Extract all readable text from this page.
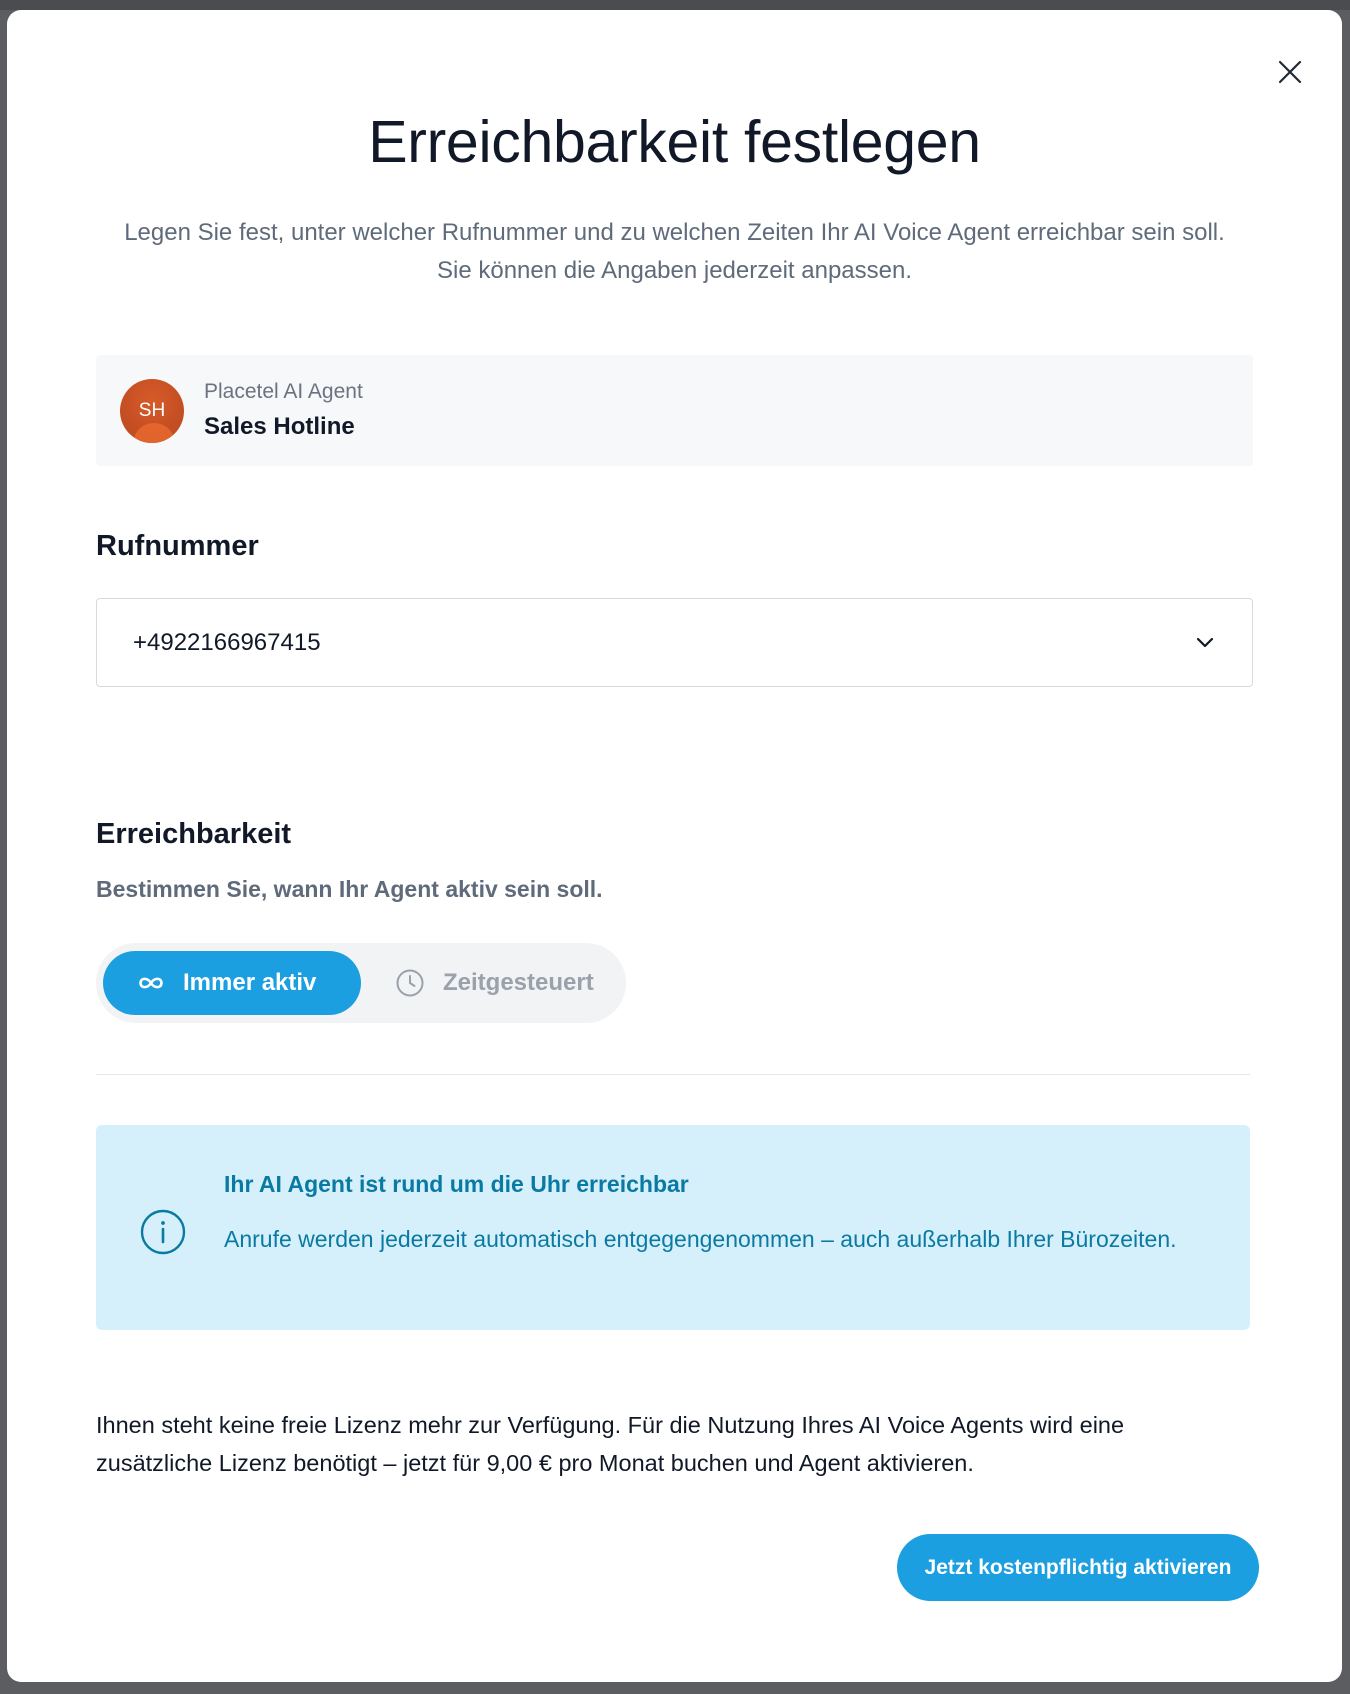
Erreichbarkeit festlegen
Legen Sie fest, unter welcher Rufnummer und zu welchen Zeiten Ihr AI Voice Agent erreichbar sein soll.
Sie können die Angaben jederzeit anpassen.
SH
Placetel AI Agent
Sales Hotline
Rufnummer
+4922166967415
Erreichbarkeit
Bestimmen Sie, wann Ihr Agent aktiv sein soll.
Immer aktiv	Zeitgesteuert
Ihr AI Agent ist rund um die Uhr erreichbar
Anrufe werden jederzeit automatisch entgegengenommen – auch außerhalb Ihrer Bürozeiten.

Ihnen steht keine freie Lizenz mehr zur Verfügung. Für die Nutzung Ihres AI Voice Agents wird eine zusätzliche Lizenz benötigt – jetzt für 9,00 € pro Monat buchen und Agent aktivieren.

Jetzt kostenpflichtig aktivieren
